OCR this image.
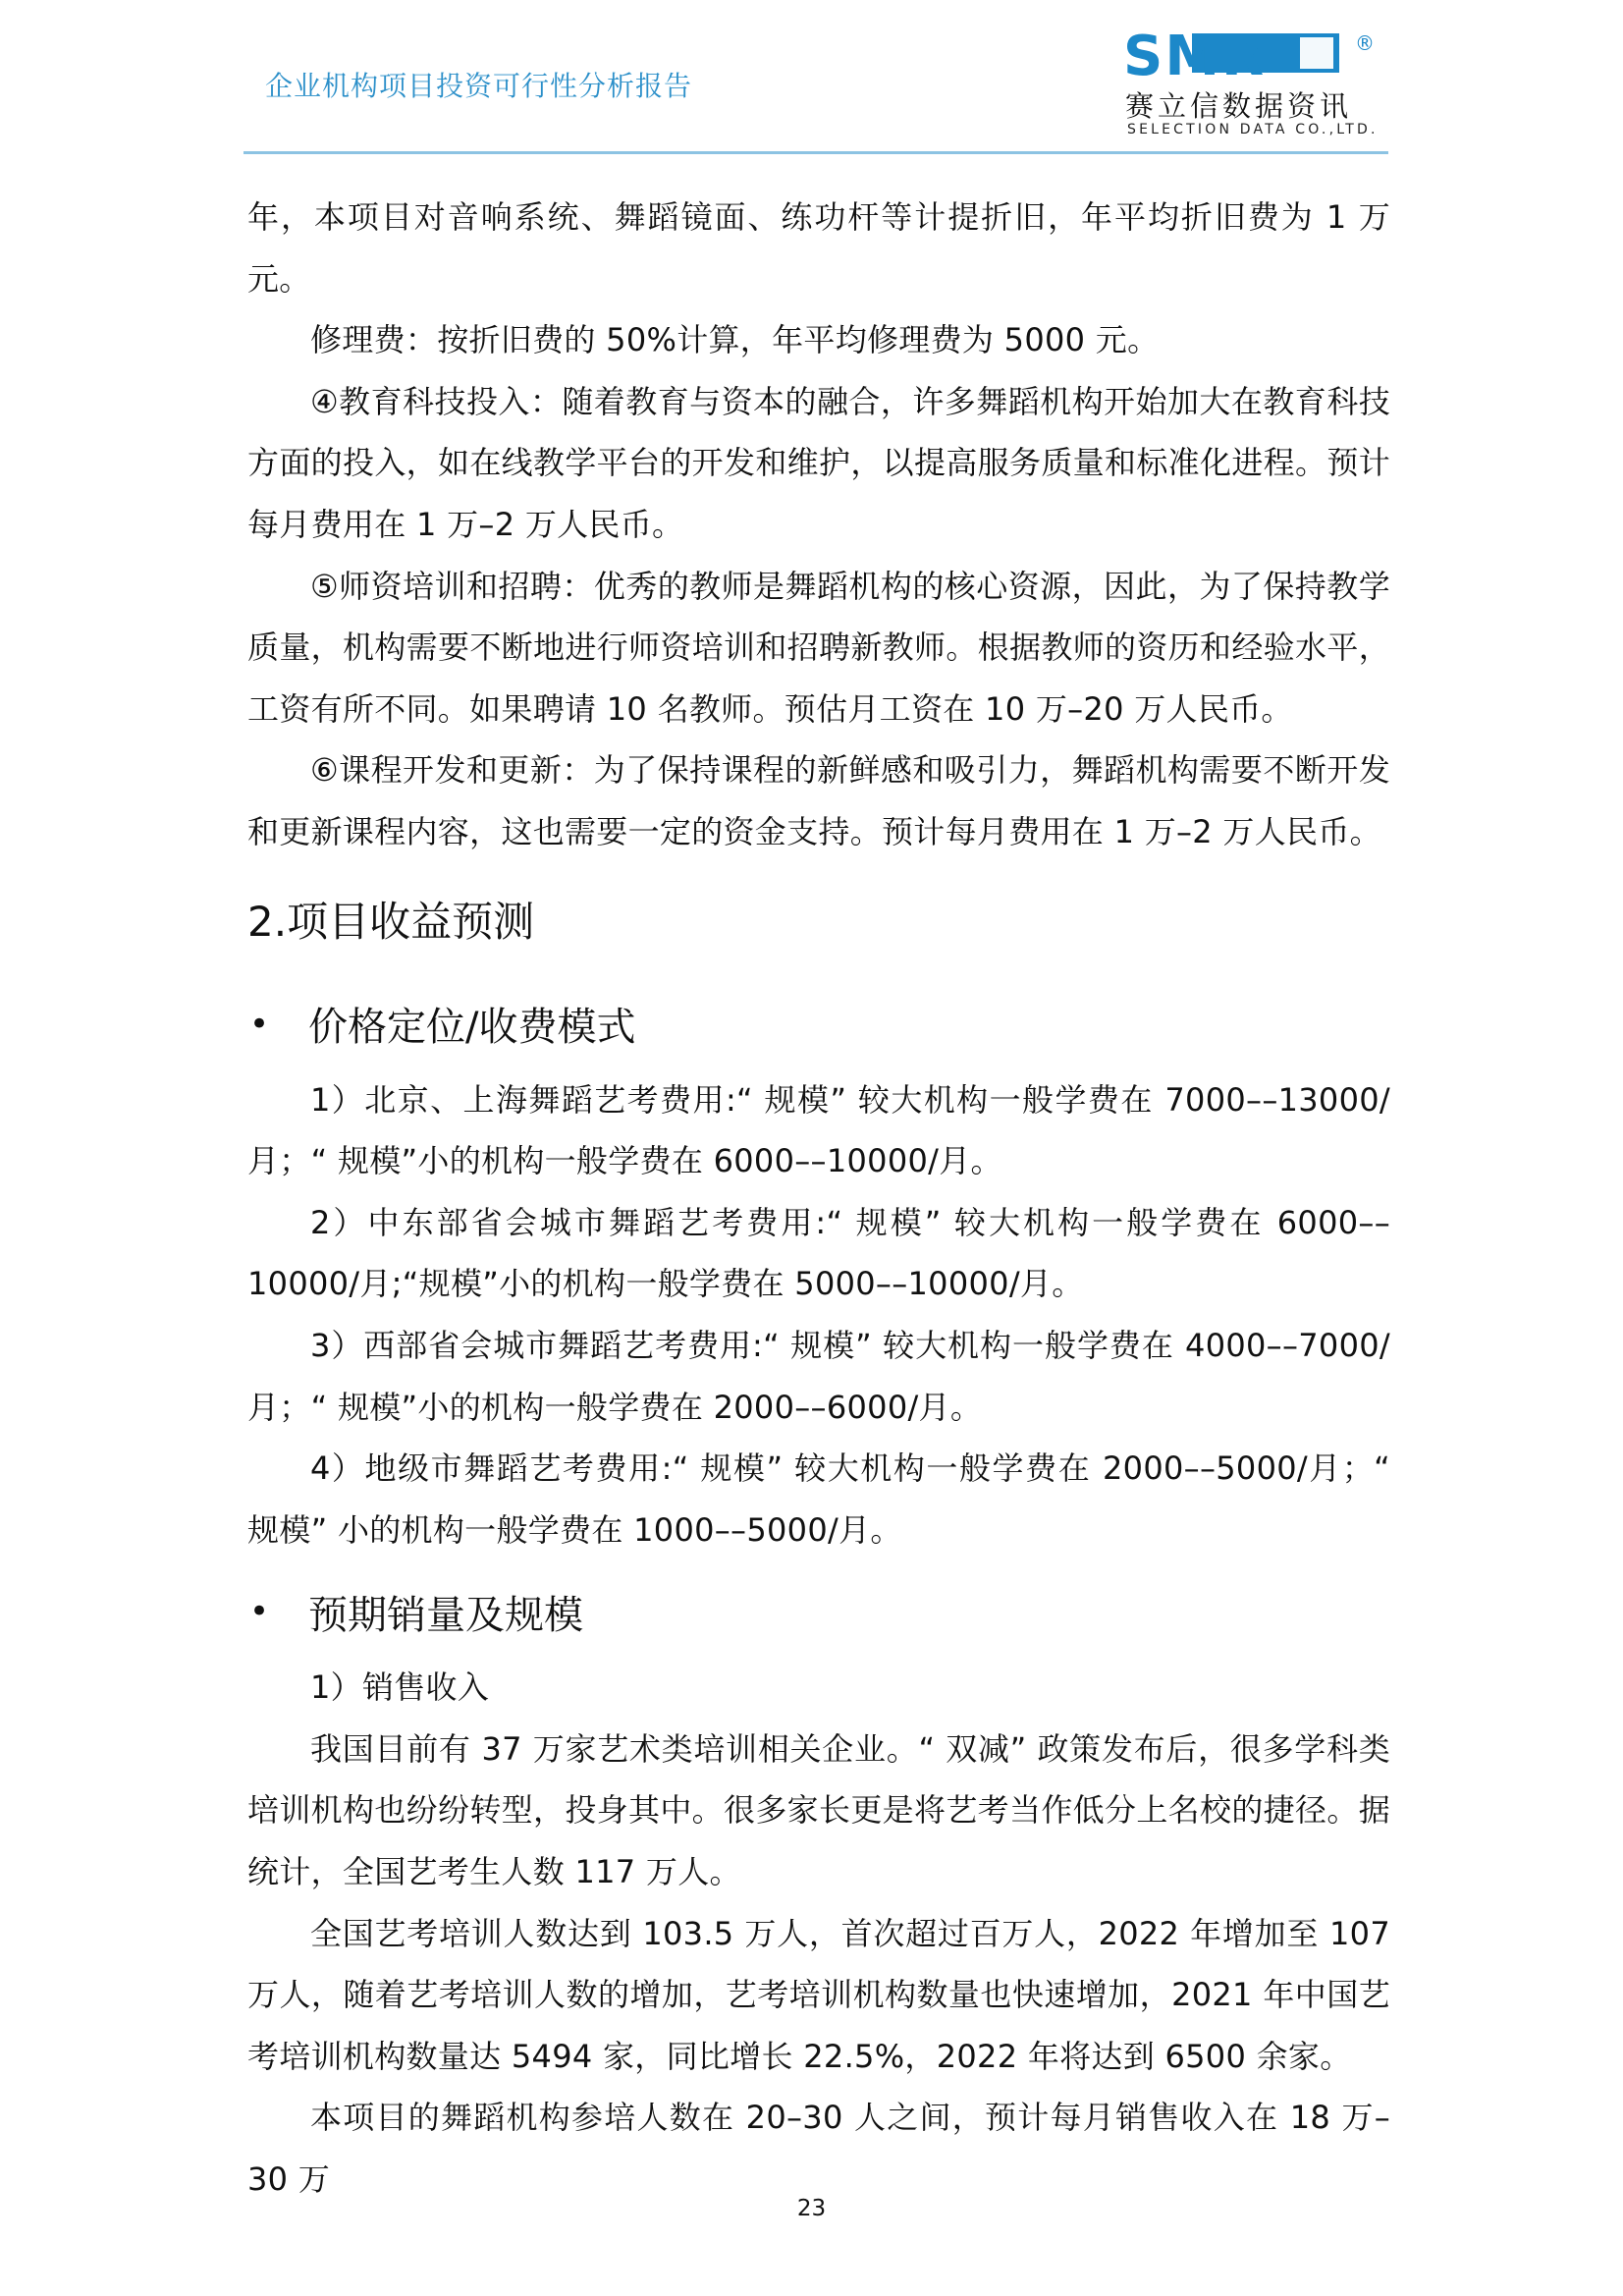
企业机构项目投资可行性分析报告	SMR	®
赛立信数据资讯
SELECTION DATA CO.,LTD.

年，本项目对音响系统、舞蹈镜面、练功杆等计提折旧，年平均折旧费为 1 万元。

修理费：按折旧费的 50%计算，年平均修理费为 5000 元。

④教育科技投入：随着教育与资本的融合，许多舞蹈机构开始加大在教育科技方面的投入，如在线教学平台的开发和维护，以提高服务质量和标准化进程。预计每月费用在 1 万–2 万人民币。

⑤师资培训和招聘：优秀的教师是舞蹈机构的核心资源，因此，为了保持教学质量，机构需要不断地进行师资培训和招聘新教师。根据教师的资历和经验水平，工资有所不同。如果聘请 10 名教师。预估月工资在 10 万–20 万人民币。

⑥课程开发和更新：为了保持课程的新鲜感和吸引力，舞蹈机构需要不断开发和更新课程内容，这也需要一定的资金支持。预计每月费用在 1 万–2 万人民币。

2.项目收益预测
• 价格定位/收费模式

1）北京、上海舞蹈艺考费用:“ 规模” 较大机构一般学费在 7000––13000/月；“ 规模”小的机构一般学费在 6000––10000/月。

2）中东部省会城市舞蹈艺考费用:“ 规模” 较大机构一般学费在 6000––10000/月;“规模”小的机构一般学费在 5000––10000/月。

3）西部省会城市舞蹈艺考费用:“ 规模” 较大机构一般学费在 4000––7000/月；“ 规模”小的机构一般学费在 2000––6000/月。

4）地级市舞蹈艺考费用:“ 规模” 较大机构一般学费在 2000––5000/月；“ 规模” 小的机构一般学费在 1000––5000/月。

• 预期销量及规模

1）销售收入

我国目前有 37 万家艺术类培训相关企业。“ 双减” 政策发布后，很多学科类培训机构也纷纷转型，投身其中。很多家长更是将艺考当作低分上名校的捷径。据统计，全国艺考生人数 117 万人。

全国艺考培训人数达到 103.5 万人，首次超过百万人，2022 年增加至 107 万人，随着艺考培训人数的增加，艺考培训机构数量也快速增加，2021 年中国艺考培训机构数量达 5494 家，同比增长 22.5%，2022 年将达到 6500 余家。

本项目的舞蹈机构参培人数在 20–30 人之间，预计每月销售收入在 18 万–30 万

23
